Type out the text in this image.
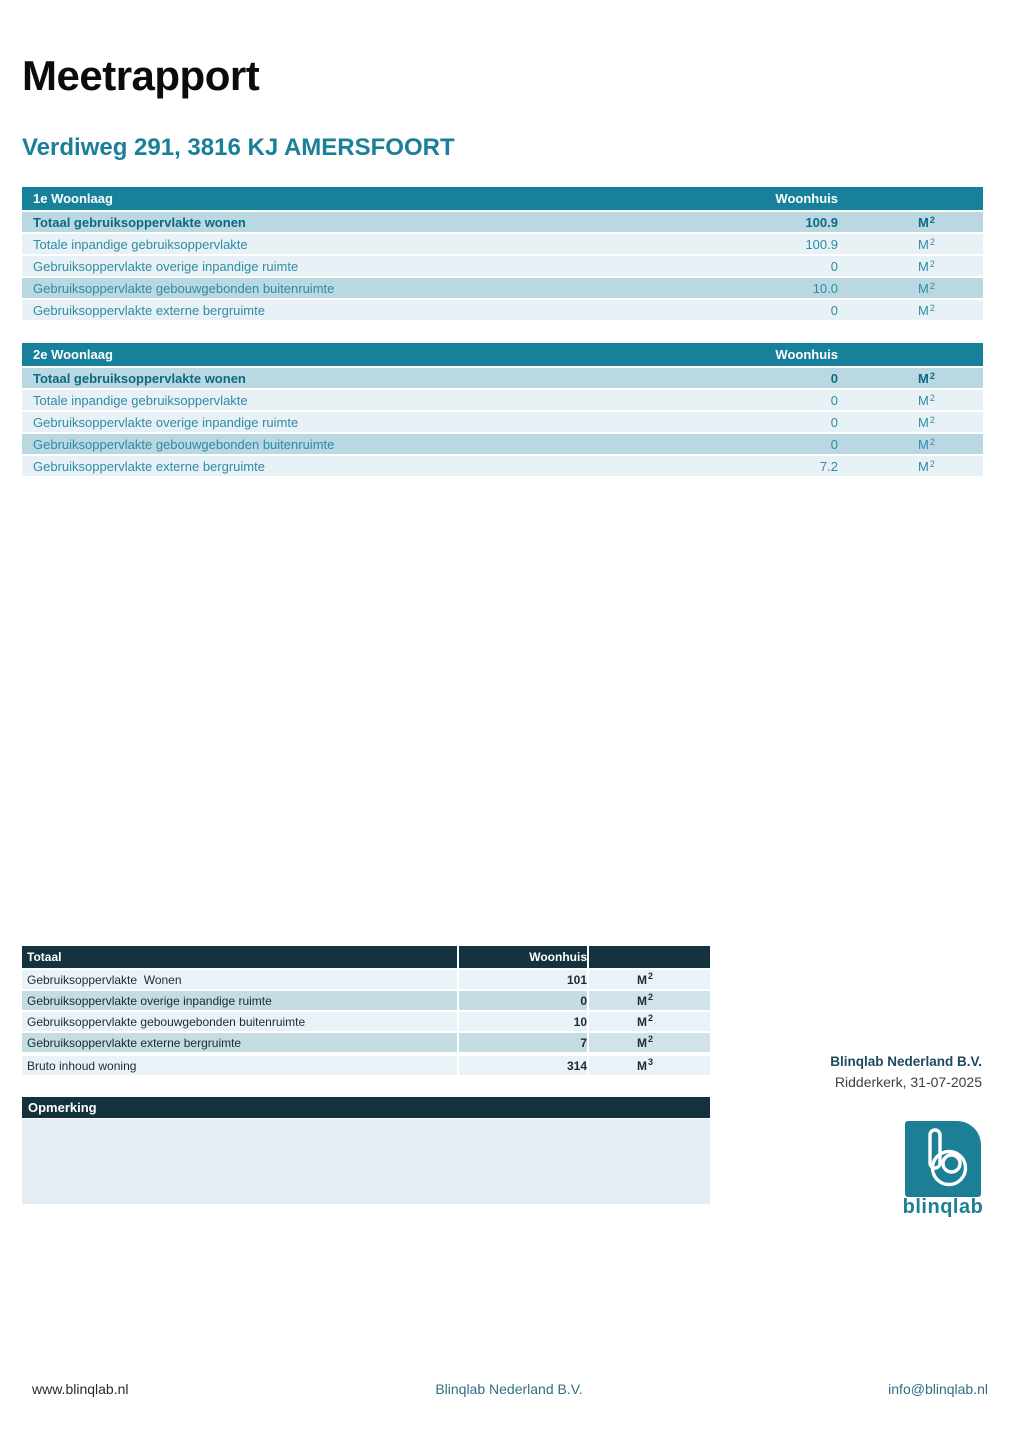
Meetrapport
Verdiweg 291, 3816 KJ AMERSFOORT
1e Woonlaag	Woonhuis
Totaal gebruiksoppervlakte wonen	100.9	$M^2$
Totale inpandige gebruiksoppervlakte	100.9	$M^2$
Gebruiksoppervlakte overige inpandige ruimte	0	$M^2$
Gebruiksoppervlakte gebouwgebonden buitenruimte	10.0	$M^2$
Gebruiksoppervlakte externe bergruimte	0	$M^2$
2e Woonlaag	Woonhuis
Totaal gebruiksoppervlakte wonen	0	$M^2$
Totale inpandige gebruiksoppervlakte	0	$M^2$
Gebruiksoppervlakte overige inpandige ruimte	0	$M^2$
Gebruiksoppervlakte gebouwgebonden buitenruimte	0	$M^2$
Gebruiksoppervlakte externe bergruimte	7.2	$M^2$
Totaal	Woonhuis
Gebruiksoppervlakte  Wonen	101	M 2
Gebruiksoppervlakte overige inpandige ruimte	0	M 2
Gebruiksoppervlakte gebouwgebonden buitenruimte	10	M 2
Gebruiksoppervlakte externe bergruimte	7	M 2
Bruto inhoud woning	314	M 3
Opmerking
Blinqlab Nederland B.V.
Ridderkerk, 31-07-2025
blinqlab
www.blinqlab.nl	Blinqlab Nederland B.V.	info@blinqlab.nl
